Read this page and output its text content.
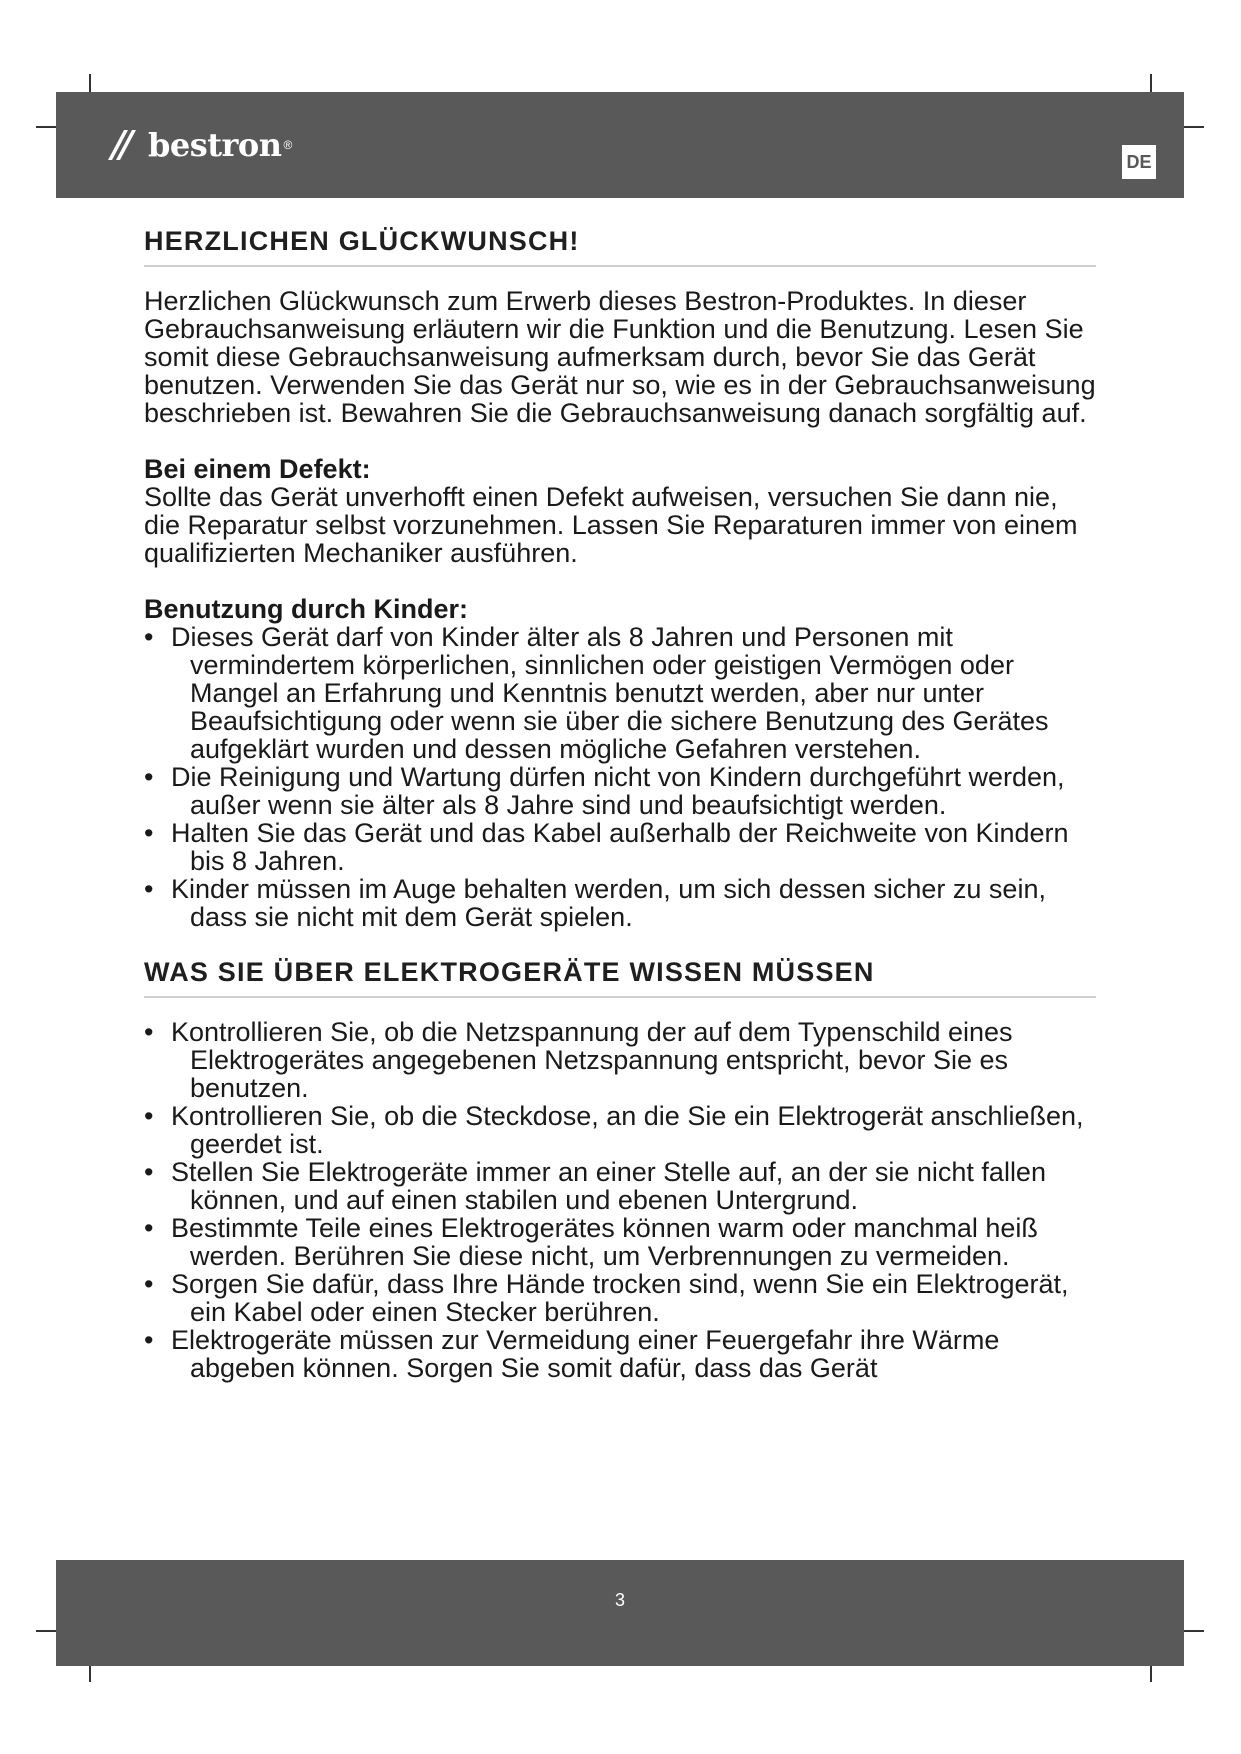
bestron ®
DE
HERZLICHEN GLÜCKWUNSCH!

Herzlichen Glückwunsch zum Erwerb dieses Bestron-Produktes. In dieser Gebrauchsanweisung erläutern wir die Funktion und die Benutzung. Lesen Sie somit diese Gebrauchsanweisung aufmerksam durch, bevor Sie das Gerät benutzen. Verwenden Sie das Gerät nur so, wie es in der Gebrauchsanweisung beschrieben ist. Bewahren Sie die Gebrauchsanweisung danach sorgfältig auf.

Bei einem Defekt:

Sollte das Gerät unverhofft einen Defekt aufweisen, versuchen Sie dann nie, die Reparatur selbst vorzunehmen. Lassen Sie Reparaturen immer von einem qualifizierten Mechaniker ausführen.

Benutzung durch Kinder:

• Dieses Gerät darf von Kinder älter als 8 Jahren und Personen mit vermindertem körperlichen, sinnlichen oder geistigen Vermögen oder Mangel an Erfahrung und Kenntnis benutzt werden, aber nur unter Beaufsichtigung oder wenn sie über die sichere Benutzung des Gerätes aufgeklärt wurden und dessen mögliche Gefahren verstehen.
• Die Reinigung und Wartung dürfen nicht von Kindern durchgeführt werden, außer wenn sie älter als 8 Jahre sind und beaufsichtigt werden.
• Halten Sie das Gerät und das Kabel außerhalb der Reichweite von Kindern bis 8 Jahren.
• Kinder müssen im Auge behalten werden, um sich dessen sicher zu sein, dass sie nicht mit dem Gerät spielen.
WAS SIE ÜBER ELEKTROGERÄTE WISSEN MÜSSEN
• Kontrollieren Sie, ob die Netzspannung der auf dem Typenschild eines Elektrogerätes angegebenen Netzspannung entspricht, bevor Sie es benutzen.
• Kontrollieren Sie, ob die Steckdose, an die Sie ein Elektrogerät anschließen, geerdet ist.
• Stellen Sie Elektrogeräte immer an einer Stelle auf, an der sie nicht fallen können, und auf einen stabilen und ebenen Untergrund.
• Bestimmte Teile eines Elektrogerätes können warm oder manchmal heiß werden. Berühren Sie diese nicht, um Verbrennungen zu vermeiden.
• Sorgen Sie dafür, dass Ihre Hände trocken sind, wenn Sie ein Elektrogerät, ein Kabel oder einen Stecker berühren.
• Elektrogeräte müssen zur Vermeidung einer Feuergefahr ihre Wärme abgeben können. Sorgen Sie somit dafür, dass das Gerät
3
